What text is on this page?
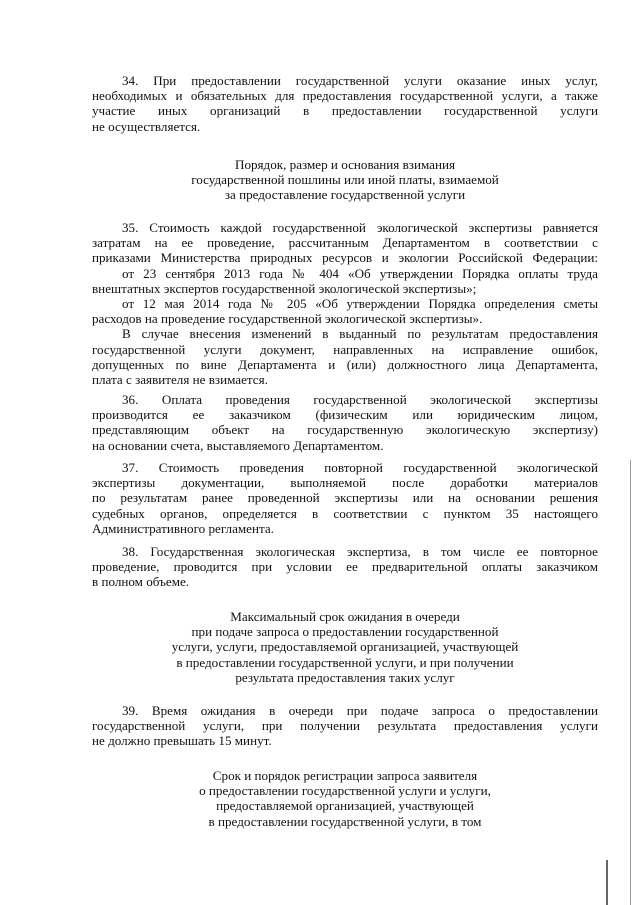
34. При предоставлении государственной услуги оказание иных услуг,
необходимых и обязательных для предоставления государственной услуги, а также
участие иных организаций в предоставлении государственной услуги
не осуществляется.
Порядок, размер и основания взимания
государственной пошлины или иной платы, взимаемой
за предоставление государственной услуги
35. Стоимость каждой государственной экологической экспертизы равняется
затратам на ее проведение, рассчитанным Департаментом в соответствии с
приказами Министерства природных ресурсов и экологии Российской Федерации:
от 23 сентября 2013 года № 404 «Об утверждении Порядка оплаты труда
внештатных экспертов государственной экологической экспертизы»;
от 12 мая 2014 года № 205 «Об утверждении Порядка определения сметы
расходов на проведение государственной экологической экспертизы».
В случае внесения изменений в выданный по результатам предоставления
государственной услуги документ, направленных на исправление ошибок,
допущенных по вине Департамента и (или) должностного лица Департамента,
плата с заявителя не взимается.
36. Оплата проведения государственной экологической экспертизы
производится ее заказчиком (физическим или юридическим лицом,
представляющим объект на государственную экологическую экспертизу)
на основании счета, выставляемого Департаментом.
37. Стоимость проведения повторной государственной экологической
экспертизы документации, выполняемой после доработки материалов
по результатам ранее проведенной экспертизы или на основании решения
судебных органов, определяется в соответствии с пунктом 35 настоящего
Административного регламента.
38. Государственная экологическая экспертиза, в том числе ее повторное
проведение, проводится при условии ее предварительной оплаты заказчиком
в полном объеме.
Максимальный срок ожидания в очереди
при подаче запроса о предоставлении государственной
услуги, услуги, предоставляемой организацией, участвующей
в предоставлении государственной услуги, и при получении
результата предоставления таких услуг
39. Время ожидания в очереди при подаче запроса о предоставлении
государственной услуги, при получении результата предоставления услуги
не должно превышать 15 минут.
Срок и порядок регистрации запроса заявителя
о предоставлении государственной услуги и услуги,
предоставляемой организацией, участвующей
в предоставлении государственной услуги, в том
